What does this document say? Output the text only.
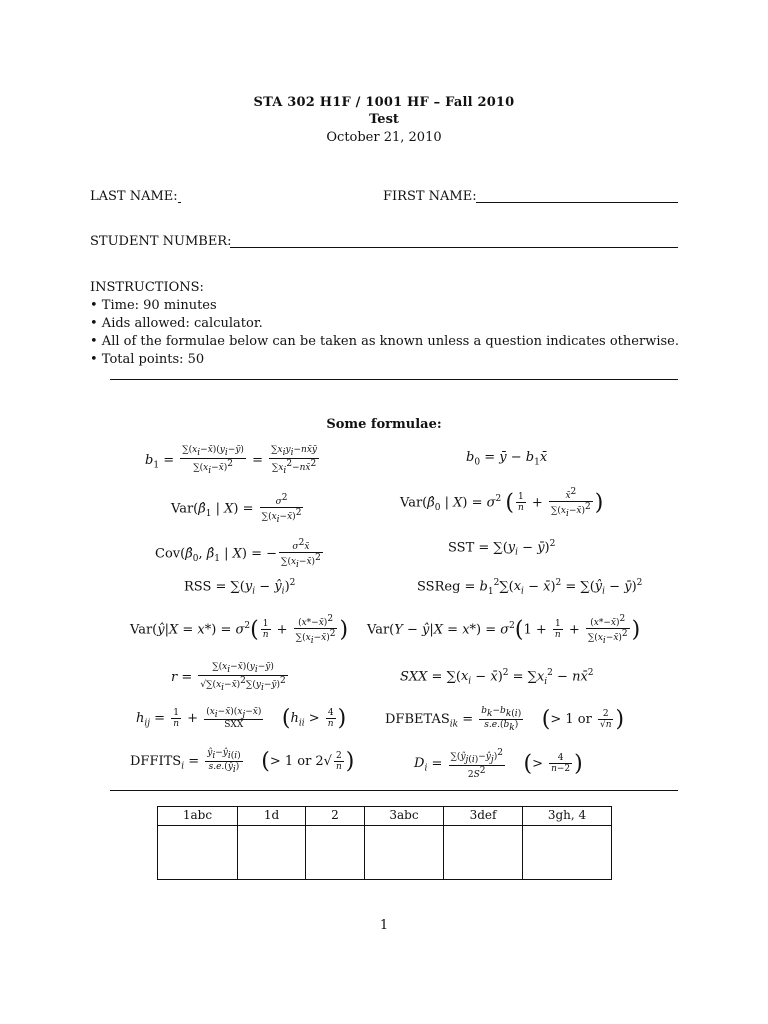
STA 302 H1F / 1001 HF – Fall 2010
Test
October 21, 2010
LAST NAME:	FIRST NAME:
STUDENT NUMBER:
INSTRUCTIONS:
• Time: 90 minutes
• Aids allowed: calculator.
• All of the formulae below can be taken as known unless a question indicates otherwise.
• Total points: 50
Some formulae:
$b_1 = \frac{\sum(x_i-x̄)(y_i-ȳ)}{\sum(x_i-x̄)^2} = \frac{\sum x_iy_i-nx̄ȳ}{\sum x_i^2-nx̄^2}$	$b_0$ = ȳ − $b_1x̄$
$Var(\betâ_1$ | $X) = \frac{\sigma^2}{\sum(x_i-x̄)^2}$	$Var(\betâ_0$ | $X) = \sigma^2$ ( $\frac{1}{n} + \frac{x̄^2}{\sum(x_i-x̄)^2}$ )
$Cov(\betâ_0$, $\betâ_1$ | X) = − $\frac{\sigma^2x̄}{\sum(x_i-x̄)^2}$	SST = $\sum(y_i$ − ȳ)$^2$
RSS = $\sum(y_i$ − $ŷ_i)^2$	SSReg = $b_1^2\sum(x_i$ − x̄)$^2$ = $\sum(ŷ_i$ − ȳ)$^2$
Var(ŷ|X = $x*) = \sigma^2( \frac{1}{n} + \frac{(x*-x̄)^2}{\sum(x_i-x̄)^2}$ ) Var(Y − ŷ|X = $x*) = \sigma^2(1 + \frac{1}{n} + \frac{(x*-x̄)^2}{\sum(x_i-x̄)^2}$ )
$r = \frac{\sum(x_i-x̄)(y_i-ȳ)}{√\sum(x_i-x̄)^2\sum(y_i-ȳ)^2}$	SXX = $\sum(x_i$ − x̄)$^2$ = $\sum x_i^2$ − nx̄$^2$
$h_{ij} = \frac{1}{n} + \frac{(x_i-x̄)(x_j-x̄)}{\text{SXX}} (h_{ii} > \frac{4}{n}$ )	$DFBETAS_{ik} = \frac{b_k-b_{k(i)}}{s.e.(b_k)}$ (> 1 or $\frac{2}{√n}$ )
$DFFITS_i = \frac{ŷ_i-ŷ_{i(i)}}{s.e.(ŷ_i)}$ (> 1 or $2√ \frac{2}{n}$ )	$D_i = \frac{\sum(ŷ_{j(i)}-ŷ_j)^2}{2S^2}$ (> $\frac{4}{n-2}$ )
1abc	1d	2	3abc	3def	3gh, 4

1
